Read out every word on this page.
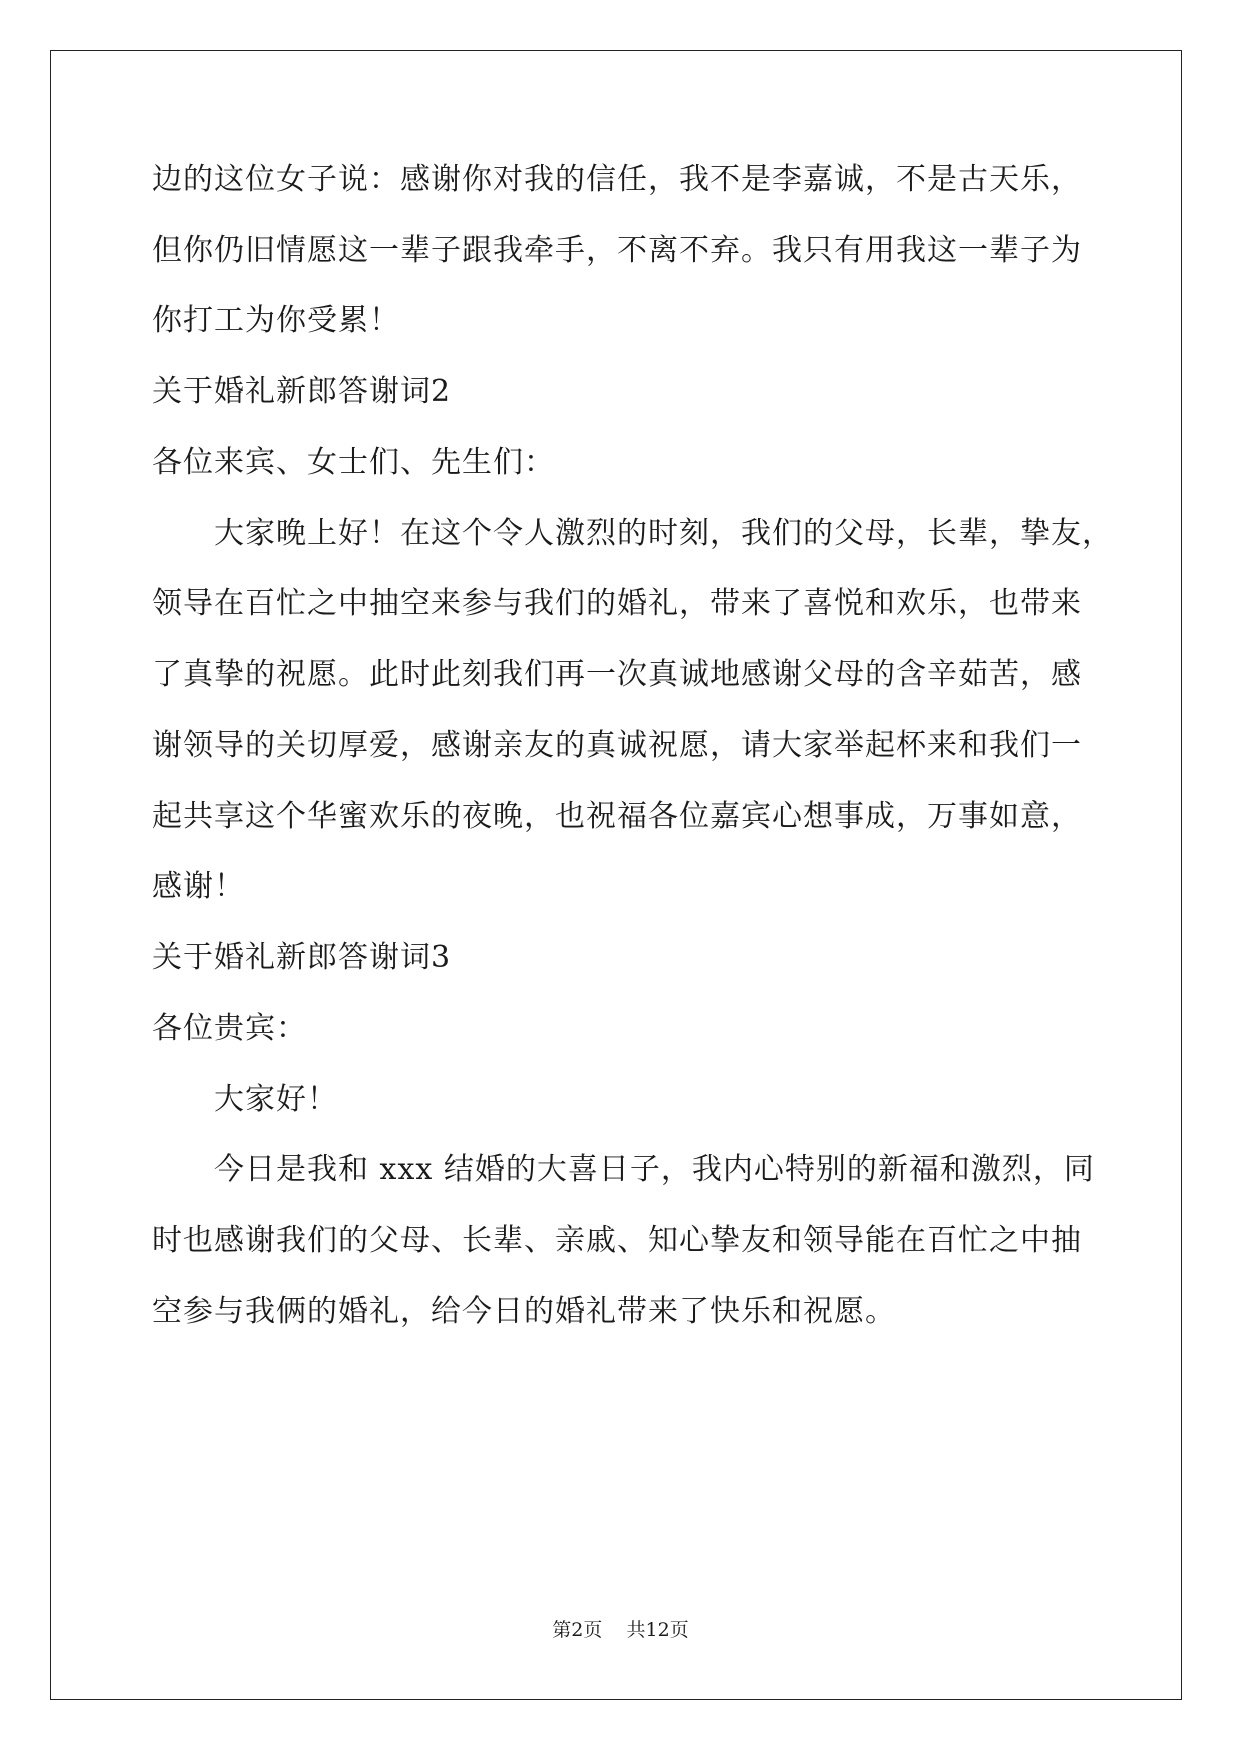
边的这位女子说：感谢你对我的信任，我不是李嘉诚，不是古天乐，
但你仍旧情愿这一辈子跟我牵手，不离不弃。我只有用我这一辈子为
你打工为你受累！
关于婚礼新郎答谢词2
各位来宾、女士们、先生们：
大家晚上好！在这个令人激烈的时刻，我们的父母，长辈，挚友，
领导在百忙之中抽空来参与我们的婚礼，带来了喜悦和欢乐，也带来
了真挚的祝愿。此时此刻我们再一次真诚地感谢父母的含辛茹苦，感
谢领导的关切厚爱，感谢亲友的真诚祝愿，请大家举起杯来和我们一
起共享这个华蜜欢乐的夜晚，也祝福各位嘉宾心想事成，万事如意，
感谢！
关于婚礼新郎答谢词3
各位贵宾：
大家好！
今日是我和 xxx 结婚的大喜日子，我内心特别的新福和激烈，同
时也感谢我们的父母、长辈、亲戚、知心挚友和领导能在百忙之中抽
空参与我俩的婚礼，给今日的婚礼带来了快乐和祝愿。
第2页 共12页
